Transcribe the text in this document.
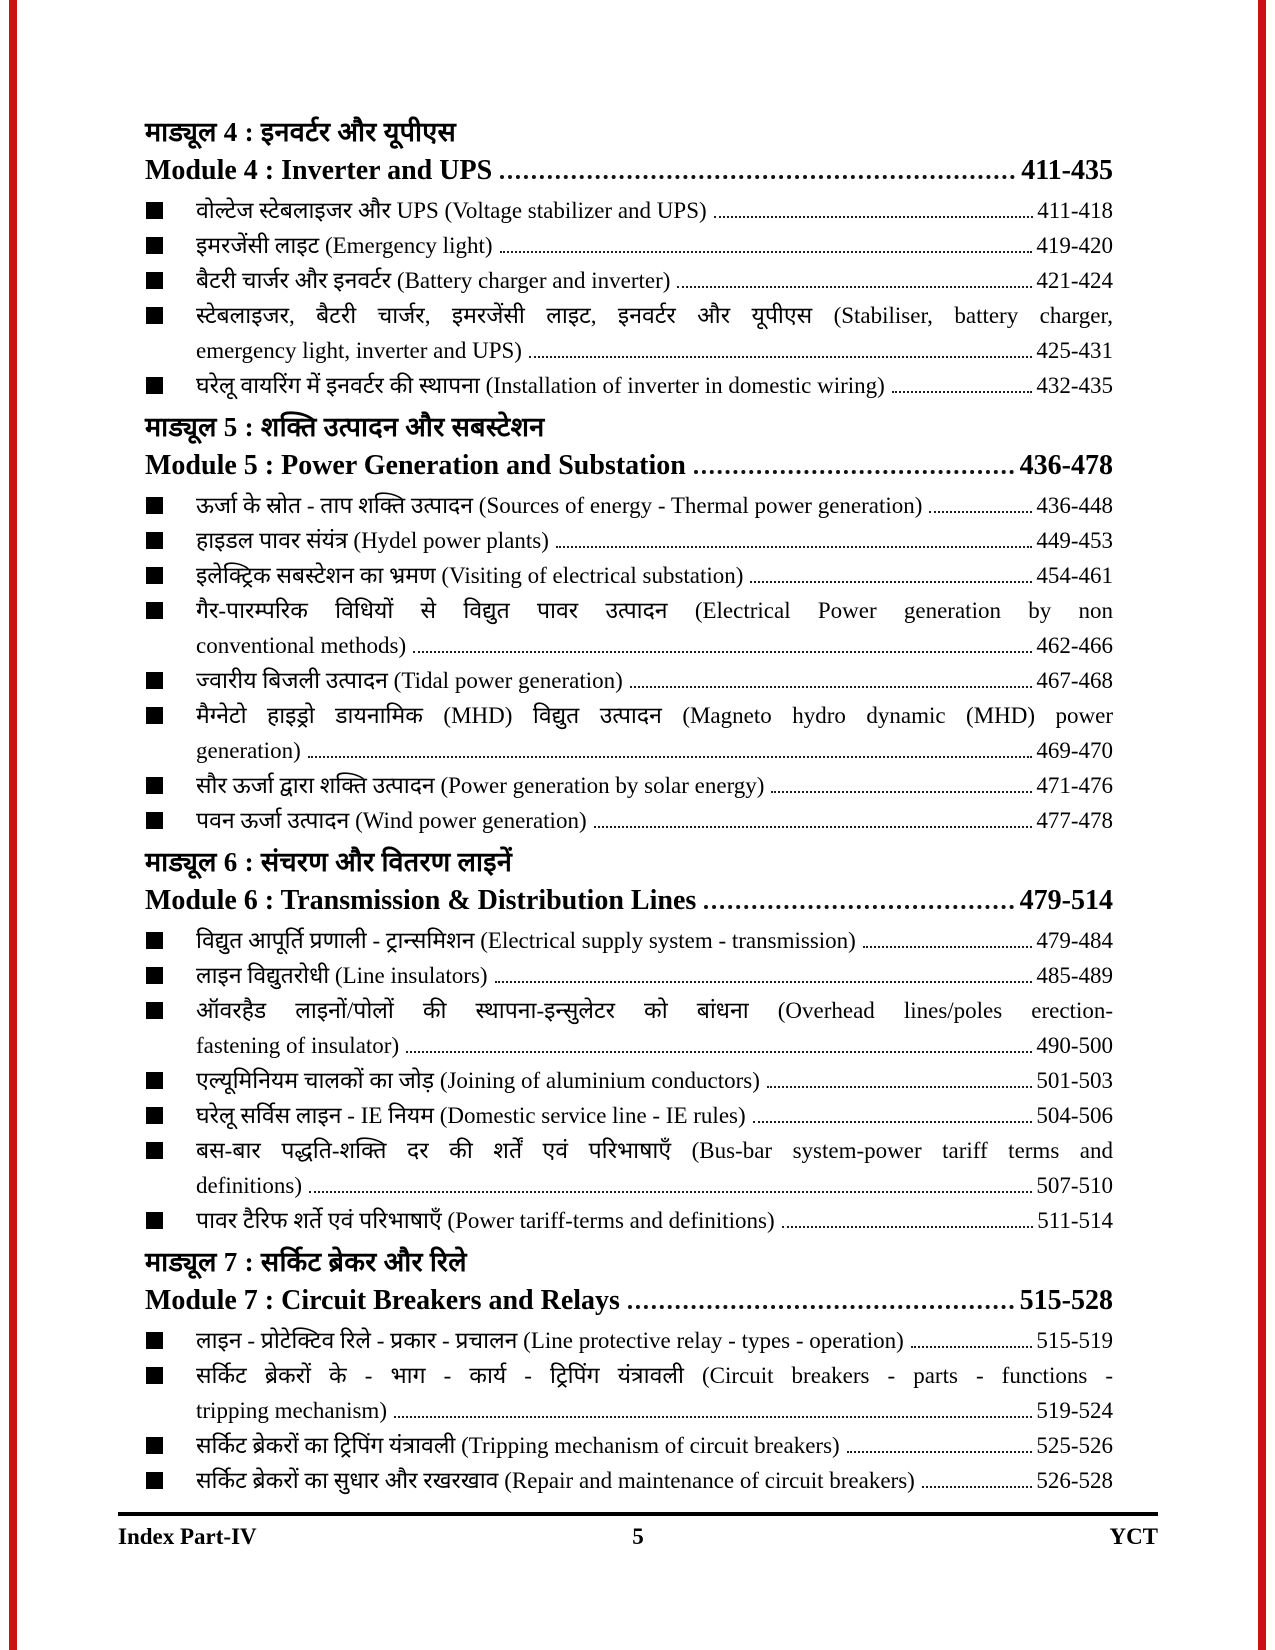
माड्यूल 4 : इनवर्टर और यूपीएस
Module 4 : Inverter and UPS	411-435
वोल्टेज स्टेबलाइजर और UPS (Voltage stabilizer and UPS)	411-418
इमरजेंसी लाइट (Emergency light)	419-420
बैटरी चार्जर और इनवर्टर (Battery charger and inverter)	421-424
स्टेबलाइजर, बैटरी चार्जर, इमरजेंसी लाइट, इनवर्टर और यूपीएस (Stabiliser, battery charger,
emergency light, inverter and UPS)	425-431
घरेलू वायरिंग में इनवर्टर की स्थापना (Installation of inverter in domestic wiring)	432-435
माड्यूल 5 : शक्ति उत्पादन और सबस्टेशन
Module 5 : Power Generation and Substation	436-478
ऊर्जा के स्रोत - ताप शक्ति उत्पादन (Sources of energy - Thermal power generation)	436-448
हाइडल पावर संयंत्र (Hydel power plants)	449-453
इलेक्ट्रिक सबस्टेशन का भ्रमण (Visiting of electrical substation)	454-461
गैर-पारम्परिक विधियों से विद्युत पावर उत्पादन (Electrical Power generation by non
conventional methods)	462-466
ज्वारीय बिजली उत्पादन (Tidal power generation)	467-468
मैग्नेटो हाइड्रो डायनामिक (MHD) विद्युत उत्पादन (Magneto hydro dynamic (MHD) power
generation)	469-470
सौर ऊर्जा द्वारा शक्ति उत्पादन (Power generation by solar energy)	471-476
पवन ऊर्जा उत्पादन (Wind power generation)	477-478
माड्यूल 6 : संचरण और वितरण लाइनें
Module 6 : Transmission & Distribution Lines	479-514
विद्युत आपूर्ति प्रणाली - ट्रान्समिशन (Electrical supply system - transmission)	479-484
लाइन विद्युतरोधी (Line insulators)	485-489
ऑवरहैड लाइनों/पोलों की स्थापना-इन्सुलेटर को बांधना (Overhead lines/poles erection-
fastening of insulator)	490-500
एल्यूमिनियम चालकों का जोड़ (Joining of aluminium conductors)	501-503
घरेलू सर्विस लाइन - IE नियम (Domestic service line - IE rules)	504-506
बस-बार पद्धति-शक्ति दर की शर्तें एवं परिभाषाएँ (Bus-bar system-power tariff terms and
definitions)	507-510
पावर टैरिफ शर्ते एवं परिभाषाएँ (Power tariff-terms and definitions)	511-514
माड्यूल 7 : सर्किट ब्रेकर और रिले
Module 7 : Circuit Breakers and Relays	515-528
लाइन - प्रोटेक्टिव रिले - प्रकार - प्रचालन (Line protective relay - types - operation)	515-519
सर्किट ब्रेकरों के - भाग - कार्य - ट्रिपिंग यंत्रावली (Circuit breakers - parts - functions -
tripping mechanism)	519-524
सर्किट ब्रेकरों का ट्रिपिंग यंत्रावली (Tripping mechanism of circuit breakers)	525-526
सर्किट ब्रेकरों का सुधार और रखरखाव (Repair and maintenance of circuit breakers)	526-528
Index Part-IV	5	YCT
